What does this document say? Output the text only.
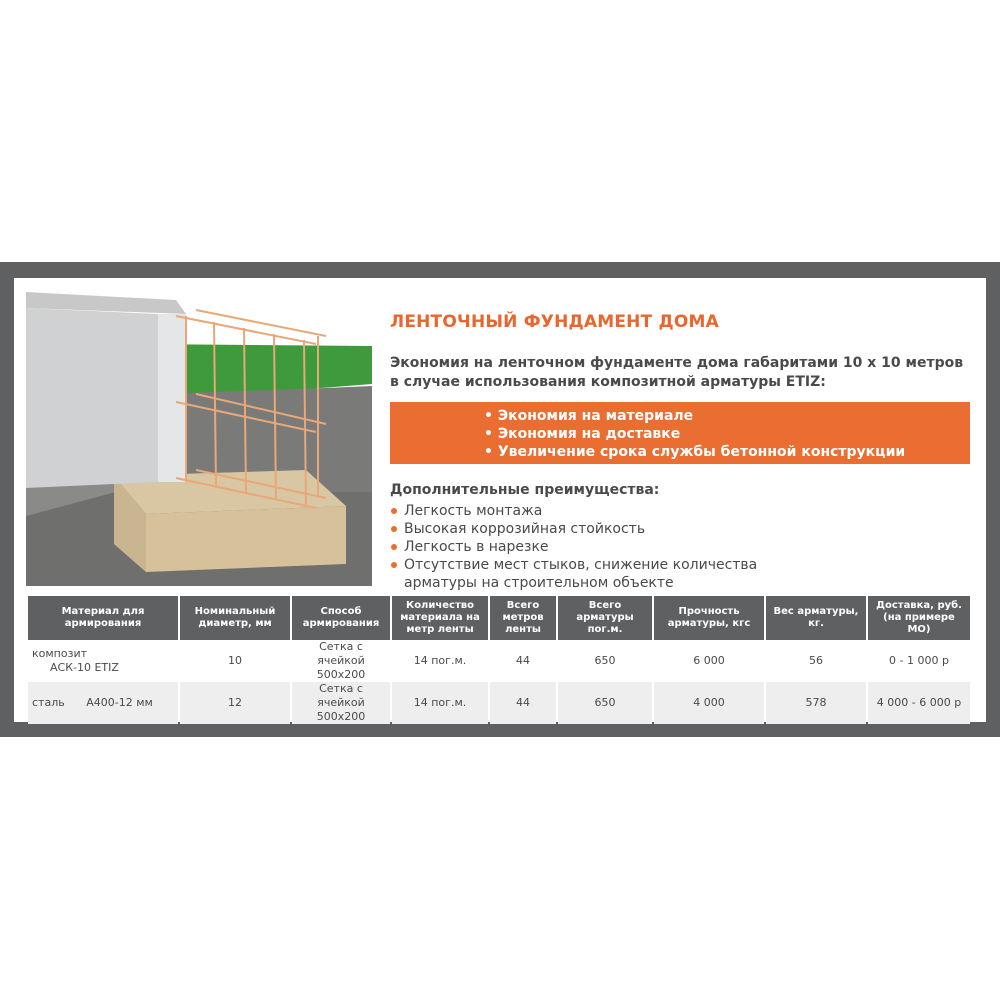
ЛЕНТОЧНЫЙ ФУНДАМЕНТ ДОМА

Экономия на ленточном фундаменте дома габаритами 10 х 10 метров в случае использования композитной арматуры ETIZ:

• Экономия на материале
• Экономия на доставке
• Увеличение срока службы бетонной конструкции

Дополнительные преимущества:

Легкость монтажа
Высокая коррозийная стойкость
Легкость в нарезке
Отсутствие мест стыков, снижение количества арматуры на строительном объекте
Материал для армирования	Номинальный диаметр, мм	Способ армирования	Количество материала на метр ленты	Всего метров ленты	Всего арматуры пог.м.	Прочность арматуры, кгс	Вес арматуры, кг.	Доставка, руб. (на примере МО)
композит АСК-10 ETIZ	10	Сетка с ячейкой 500х200	14 пог.м.	44	650	6 000	56	0 - 1 000 р
сталь А400-12 мм	12	Сетка с ячейкой 500х200	14 пог.м.	44	650	4 000	578	4 000 - 6 000 р
